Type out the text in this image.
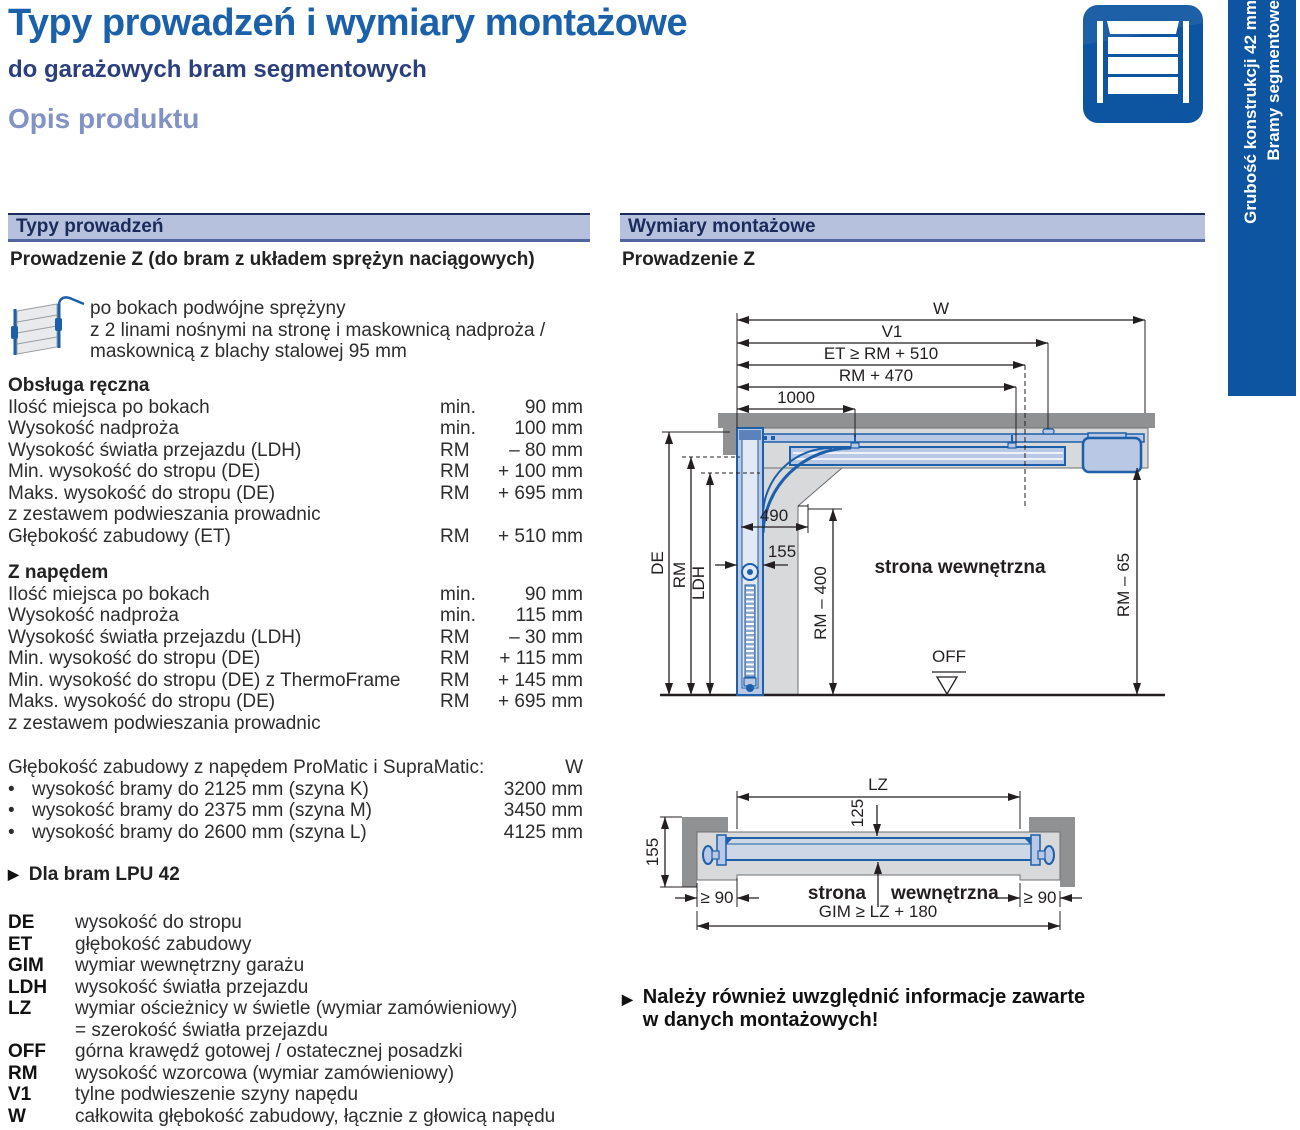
Typy prowadzeń i wymiary montażowe
do garażowych bram segmentowych
Opis produktu	Bramy segmentowe Grubość konstrukcji 42 mm
Typy prowadzeń	Wymiary montażowe
Prowadzenie Z (do bram z układem sprężyn naciągowych)
po bokach podwójne sprężyny
z 2 linami nośnymi na stronę i maskownicą nadproża /
maskownicą z blachy stalowej 95 mm
Obsługa ręczna
Ilość miejsca po bokach	min.	90 mm
Wysokość nadproża	min.	100 mm
Wysokość światła przejazdu (LDH)	RM	– 80 mm
Min. wysokość do stropu (DE)	RM	+ 100 mm
Maks. wysokość do stropu (DE)	RM	+ 695 mm
z zestawem podwieszania prowadnic
Głębokość zabudowy (ET)	RM	+ 510 mm
Z napędem
Ilość miejsca po bokach	min.	90 mm
Wysokość nadproża	min.	115 mm
Wysokość światła przejazdu (LDH)	RM	– 30 mm
Min. wysokość do stropu (DE)	RM	+ 115 mm
Min. wysokość do stropu (DE) z ThermoFrame	RM	+ 145 mm
Maks. wysokość do stropu (DE)	RM	+ 695 mm
z zestawem podwieszania prowadnic
Głębokość zabudowy z napędem ProMatic i SupraMatic:	W
• wysokość bramy do 2125 mm (szyna K)	3200 mm
• wysokość bramy do 2375 mm (szyna M)	3450 mm
• wysokość bramy do 2600 mm (szyna L)	4125 mm
▶ Dla bram LPU 42
DE	wysokość do stropu
ET	głębokość zabudowy
GIM	wymiar wewnętrzny garażu
LDH	wysokość światła przejazdu
LZ	wymiar ościeżnicy w świetle (wymiar zamówieniowy)
= szerokość światła przejazdu
OFF	górna krawędź gotowej / ostatecznej posadzki
RM	wysokość wzorcowa (wymiar zamówieniowy)
V1	tylne podwieszenie szyny napędu
W	całkowita głębokość zabudowy, łącznie z głowicą napędu
Prowadzenie Z
W
V1
ET ≥ RM + 510
RM + 470
1000
DE RM LDH
490
155
RM – 400	RM – 65
strona wewnętrzna
OFF
LZ
125
155
≥ 90	≥ 90
strona wewnętrzna
GIM ≥ LZ + 180
▶ Należy również uwzględnić informacje zawarte
w danych montażowych!
